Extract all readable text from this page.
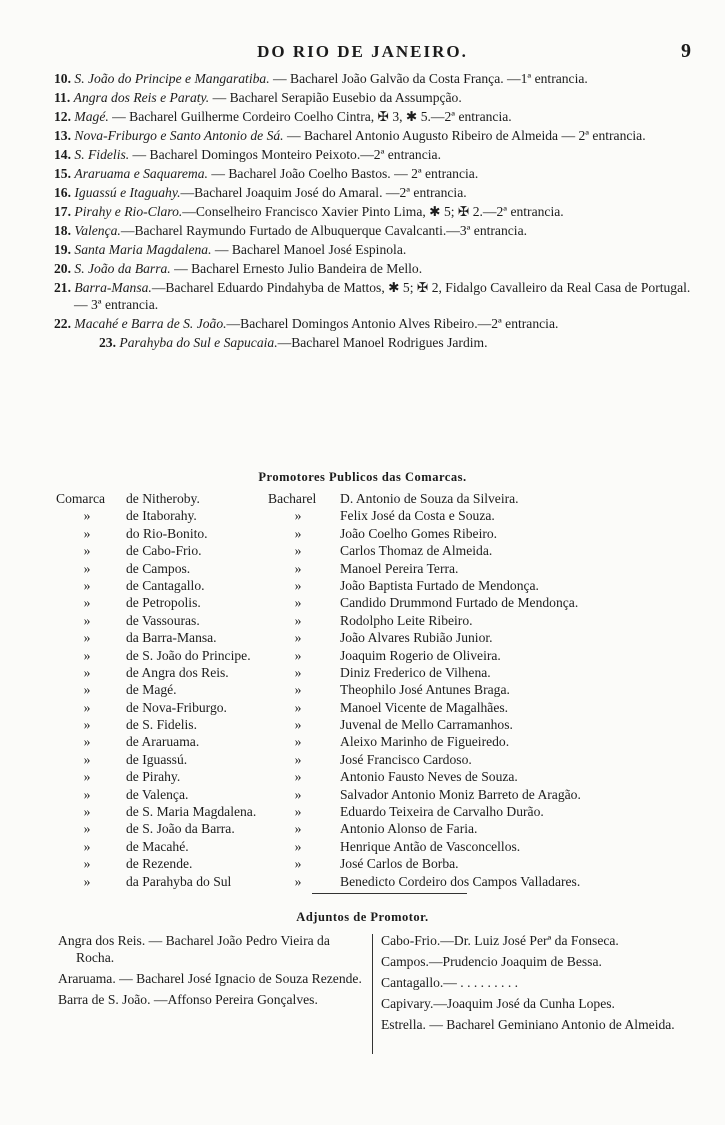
DO RIO DE JANEIRO.	9
10. S. João do Principe e Mangaratiba. — Bacharel João Galvão da Costa França. —1ª entrancia.
11. Angra dos Reis e Paraty. — Bacharel Serapião Eusebio da Assumpção.
12. Magé. — Bacharel Guilherme Cordeiro Coelho Cintra, ✠ 3, ✱ 5.—2ª entrancia.
13. Nova-Friburgo e Santo Antonio de Sá. — Bacharel Antonio Augusto Ribeiro de Almeida — 2ª entrancia.
14. S. Fidelis. — Bacharel Domingos Monteiro Peixoto.—2ª entrancia.
15. Araruama e Saquarema. — Bacharel João Coelho Bastos. — 2ª entrancia.
16. Iguassú e Itaguahy.—Bacharel Joaquim José do Amaral. —2ª entrancia.
17. Pirahy e Rio-Claro.—Conselheiro Francisco Xavier Pinto Lima, ✱ 5; ✠ 2.—2ª entrancia.
18. Valença.—Bacharel Raymundo Furtado de Albuquerque Cavalcanti.—3ª entrancia.
19. Santa Maria Magdalena. — Bacharel Manoel José Espinola.
20. S. João da Barra. — Bacharel Ernesto Julio Bandeira de Mello.
21. Barra-Mansa.—Bacharel Eduardo Pindahyba de Mattos, ✱ 5; ✠ 2, Fidalgo Cavalleiro da Real Casa de Portugal. — 3ª entrancia.
22. Macahé e Barra de S. João.—Bacharel Domingos Antonio Alves Ribeiro.—2ª entrancia.
23. Parahyba do Sul e Sapucaia.—Bacharel Manoel Rodrigues Jardim.
Promotores Publicos das Comarcas.
Comarca	de Nitheroby.	Bacharel	D. Antonio de Souza da Silveira.
»	de Itaborahy.	»	Felix José da Costa e Souza.
»	do Rio-Bonito.	»	João Coelho Gomes Ribeiro.
»	de Cabo-Frio.	»	Carlos Thomaz de Almeida.
»	de Campos.	»	Manoel Pereira Terra.
»	de Cantagallo.	»	João Baptista Furtado de Mendonça.
»	de Petropolis.	»	Candido Drummond Furtado de Mendonça.
»	de Vassouras.	»	Rodolpho Leite Ribeiro.
»	da Barra-Mansa.	»	João Alvares Rubião Junior.
»	de S. João do Principe.	»	Joaquim Rogerio de Oliveira.
»	de Angra dos Reis.	»	Diniz Frederico de Vilhena.
»	de Magé.	»	Theophilo José Antunes Braga.
»	de Nova-Friburgo.	»	Manoel Vicente de Magalhães.
»	de S. Fidelis.	»	Juvenal de Mello Carramanhos.
»	de Araruama.	»	Aleixo Marinho de Figueiredo.
»	de Iguassú.	»	José Francisco Cardoso.
»	de Pirahy.	»	Antonio Fausto Neves de Souza.
»	de Valença.	»	Salvador Antonio Moniz Barreto de Aragão.
»	de S. Maria Magdalena.	»	Eduardo Teixeira de Carvalho Durão.
»	de S. João da Barra.	»	Antonio Alonso de Faria.
»	de Macahé.	»	Henrique Antão de Vasconcellos.
»	de Rezende.	»	José Carlos de Borba.
»	da Parahyba do Sul	»	Benedicto Cordeiro dos Campos Valladares.
Adjuntos de Promotor.
Angra dos Reis. — Bacharel João Pedro Vieira da Rocha.
Araruama. — Bacharel José Ignacio de Souza Rezende.
Barra de S. João. —Affonso Pereira Gonçalves.
Cabo-Frio.—Dr. Luiz José Perª da Fonseca.
Campos.—Prudencio Joaquim de Bessa.
Cantagallo.— . . . . . . . . .
Capivary.—Joaquim José da Cunha Lopes.
Estrella. — Bacharel Geminiano Antonio de Almeida.
